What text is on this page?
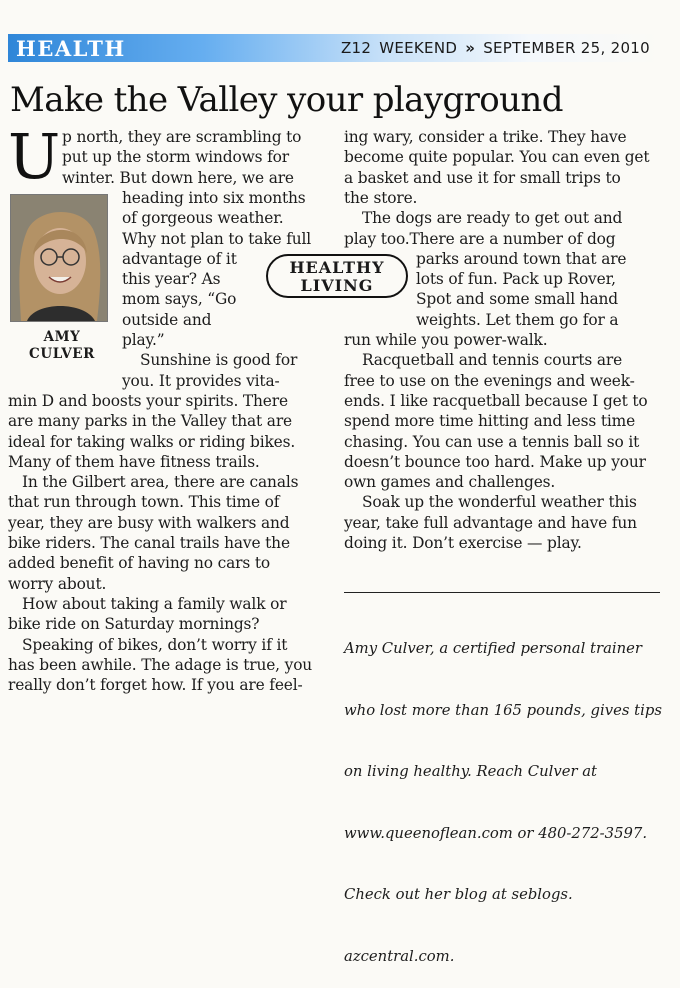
HEALTH	Z12 WEEKEND » SEPTEMBER 25, 2010
Make the Valley your playground
U p north, they are scrambling to
put up the storm windows for
winter. But down here, we are
heading into six months
of gorgeous weather.
Why not plan to take full
advantage of it
this year? As
mom says, “Go
outside and
play.”
Sunshine is good for
you. It provides vita-
min D and boosts your spirits. There
are many parks in the Valley that are
ideal for taking walks or riding bikes.
Many of them have fitness trails.
In the Gilbert area, there are canals
that run through town. This time of
year, they are busy with walkers and
bike riders. The canal trails have the
added benefit of having no cars to
worry about.
How about taking a family walk or
bike ride on Saturday mornings?
Speaking of bikes, don’t worry if it
has been awhile. The adage is true, you
really don’t forget how. If you are feel-
AMY
CULVER
ing wary, consider a trike. They have
become quite popular. You can even get
a basket and use it for small trips to
the store.
The dogs are ready to get out and
play too.There are a number of dog
parks around town that are
lots of fun. Pack up Rover,
Spot and some small hand
weights. Let them go for a
run while you power-walk.
Racquetball and tennis courts are
free to use on the evenings and week-
ends. I like racquetball because I get to
spend more time hitting and less time
chasing. You can use a tennis ball so it
doesn’t bounce too hard. Make up your
own games and challenges.
Soak up the wonderful weather this
year, take full advantage and have fun
doing it. Don’t exercise — play.
HEALTHY
LIVING

Amy Culver, a certified personal trainer

who lost more than 165 pounds, gives tips

on living healthy. Reach Culver at

www.queenoflean.com or 480-272-3597.

Check out her blog at seblogs.

azcentral.com.
